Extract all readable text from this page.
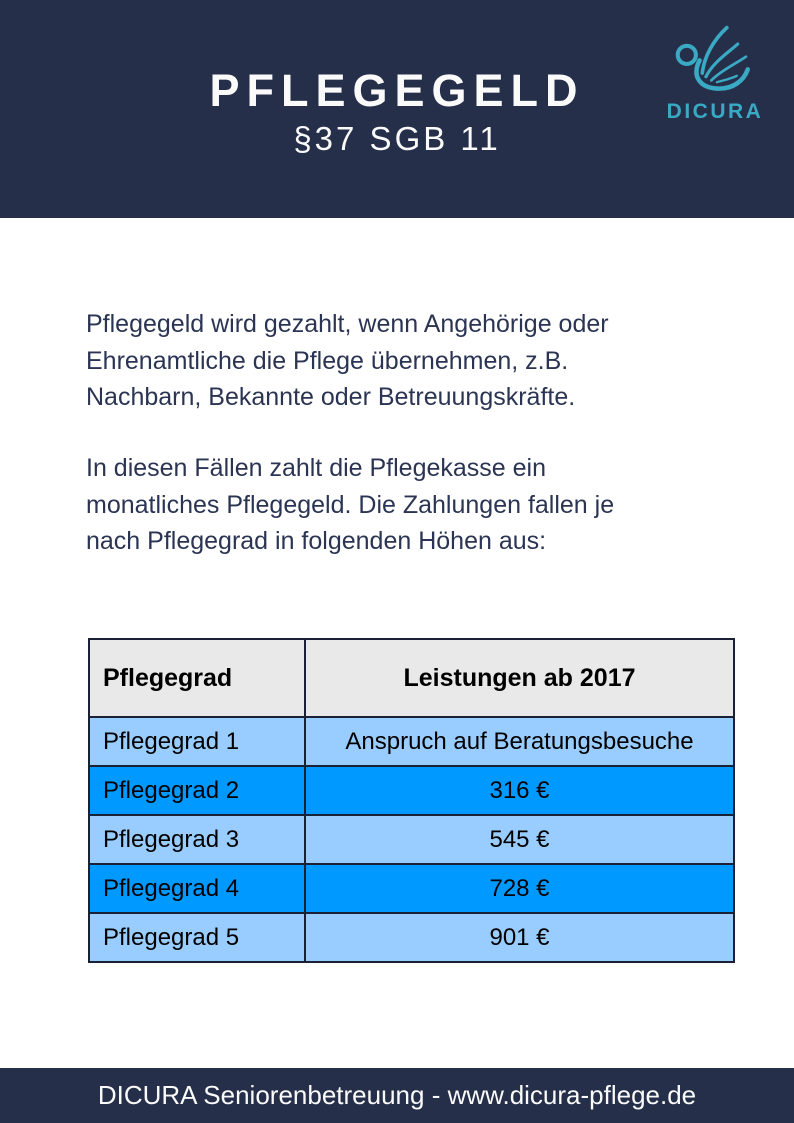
PFLEGEGELD
§37 SGB 11
DICURA

Pflegegeld wird gezahlt, wenn Angehörige oder
Ehrenamtliche die Pflege übernehmen, z.B.
Nachbarn, Bekannte oder Betreuungskräfte.

In diesen Fällen zahlt die Pflegekasse ein
monatliches Pflegegeld. Die Zahlungen fallen je
nach Pflegegrad in folgenden Höhen aus:

Pflegegrad	Leistungen ab 2017
Pflegegrad 1	Anspruch auf Beratungsbesuche
Pflegegrad 2	316 €
Pflegegrad 3	545 €
Pflegegrad 4	728 €
Pflegegrad 5	901 €
DICURA Seniorenbetreuung - www.dicura-pflege.de
